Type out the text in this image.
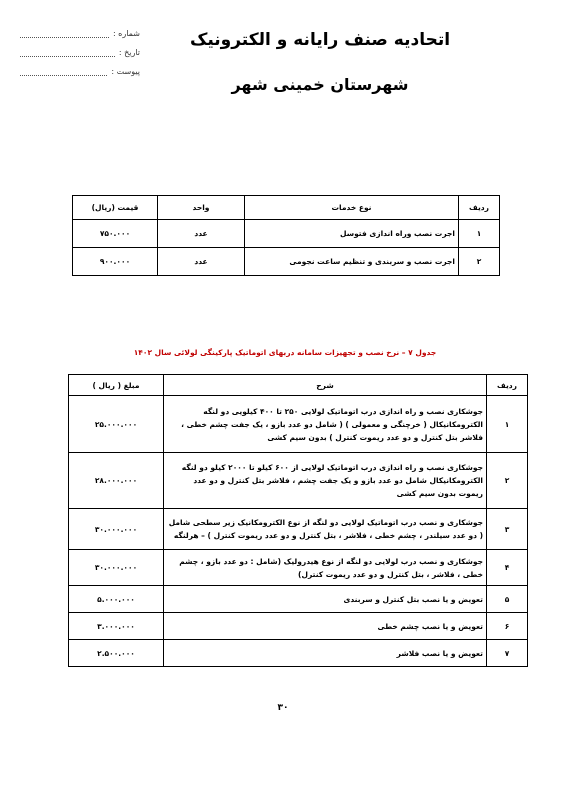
شماره :
تاریخ :
پیوست :
اتحادیه صنف رایانه و الکترونیک
شهرستان خمینی شهر
ردیف	نوع خدمات	واحد	قیمت (ریال)
۱	اجرت نصب وراه اندازی فتوسل	عدد	۷۵۰.۰۰۰
۲	اجرت نصب و سربندی و تنظیم ساعت نجومی	عدد	۹۰۰.۰۰۰
جدول ۷ – نرخ نصب و تجهیزات سامانه دربهای اتوماتیک پارکینگی لولائی سال ۱۴۰۲
ردیف	شرح	مبلغ ( ریال )
۱	جوشکاری نصب و راه اندازی درب اتوماتیک لولایی ۲۵۰ تا ۴۰۰ کیلویی دو لنگه الکترومکانیکال ( خرچنگی و معمولی ) ( شامل دو عدد بازو ، یک جفت چشم خطی ، فلاشر بتل کنترل و دو عدد ریموت کنترل ) بدون سیم کشی	۲۵.۰۰۰.۰۰۰
۲	جوشکاری نصب و راه اندازی درب اتوماتیک لولایی از ۶۰۰ کیلو تا ۲۰۰۰ کیلو دو لنگه الکترومکانیکال شامل دو عدد بازو و یک جفت چشم ، فلاشر بتل کنترل و دو عدد ریموت بدون سیم کشی	۲۸.۰۰۰.۰۰۰
۳	جوشکاری و نصب درب اتوماتیک لولایی دو لنگه از نوع الکترومکانیک زیر سطحی شامل ( دو عدد سیلندر ، چشم خطی ، فلاشر ، بتل کنترل و دو عدد ریموت کنترل ) – هرلنگه	۳۰.۰۰۰.۰۰۰
۴	جوشکاری و نصب درب لولایی دو لنگه از نوع هیدرولیک (شامل : دو عدد بازو ، چشم خطی ، فلاشر ، بتل کنترل و دو عدد ریموت کنترل)	۳۰.۰۰۰.۰۰۰
۵	تعویض و یا نصب بتل کنترل و سربندی	۵.۰۰۰.۰۰۰
۶	تعویض و یا نصب چشم خطی	۳.۰۰۰.۰۰۰
۷	تعویض و یا نصب فلاشر	۲.۵۰۰.۰۰۰
۳۰
